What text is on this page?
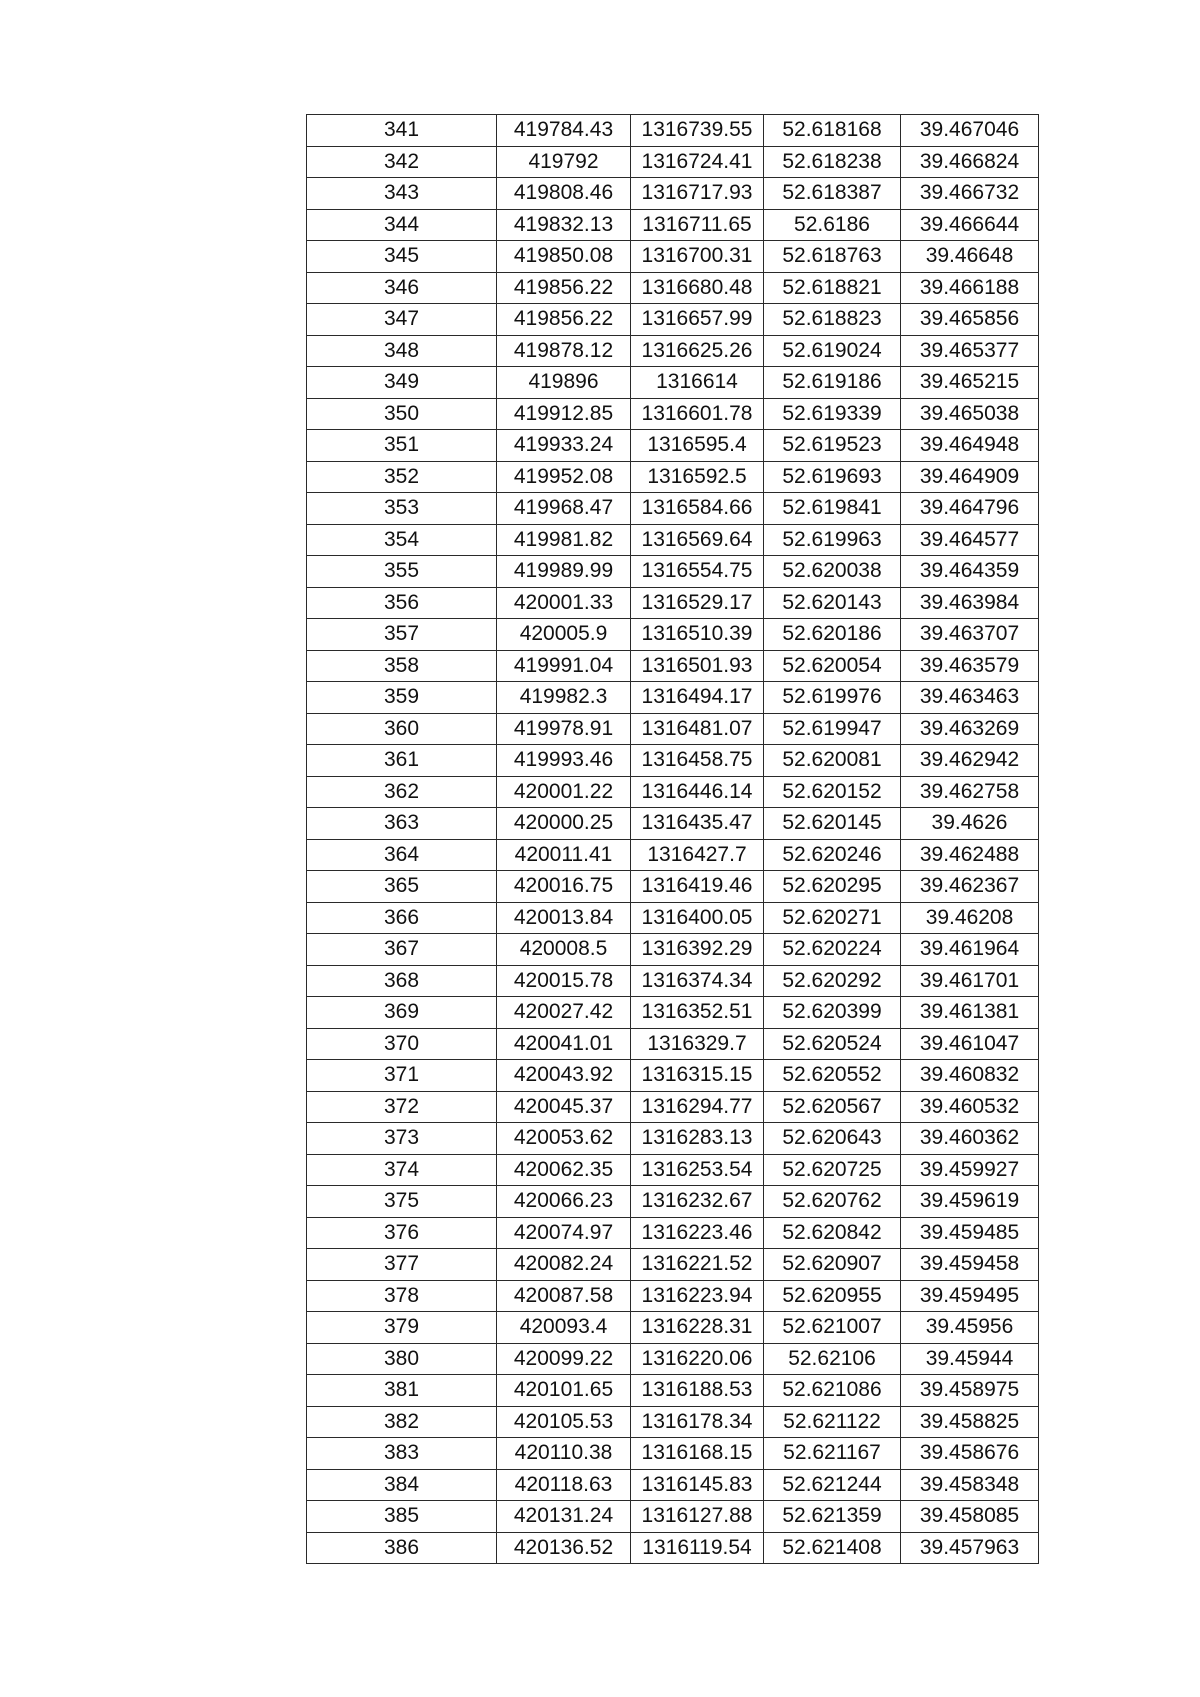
341	419784.43	1316739.55	52.618168	39.467046
342	419792	1316724.41	52.618238	39.466824
343	419808.46	1316717.93	52.618387	39.466732
344	419832.13	1316711.65	52.6186	39.466644
345	419850.08	1316700.31	52.618763	39.46648
346	419856.22	1316680.48	52.618821	39.466188
347	419856.22	1316657.99	52.618823	39.465856
348	419878.12	1316625.26	52.619024	39.465377
349	419896	1316614	52.619186	39.465215
350	419912.85	1316601.78	52.619339	39.465038
351	419933.24	1316595.4	52.619523	39.464948
352	419952.08	1316592.5	52.619693	39.464909
353	419968.47	1316584.66	52.619841	39.464796
354	419981.82	1316569.64	52.619963	39.464577
355	419989.99	1316554.75	52.620038	39.464359
356	420001.33	1316529.17	52.620143	39.463984
357	420005.9	1316510.39	52.620186	39.463707
358	419991.04	1316501.93	52.620054	39.463579
359	419982.3	1316494.17	52.619976	39.463463
360	419978.91	1316481.07	52.619947	39.463269
361	419993.46	1316458.75	52.620081	39.462942
362	420001.22	1316446.14	52.620152	39.462758
363	420000.25	1316435.47	52.620145	39.4626
364	420011.41	1316427.7	52.620246	39.462488
365	420016.75	1316419.46	52.620295	39.462367
366	420013.84	1316400.05	52.620271	39.46208
367	420008.5	1316392.29	52.620224	39.461964
368	420015.78	1316374.34	52.620292	39.461701
369	420027.42	1316352.51	52.620399	39.461381
370	420041.01	1316329.7	52.620524	39.461047
371	420043.92	1316315.15	52.620552	39.460832
372	420045.37	1316294.77	52.620567	39.460532
373	420053.62	1316283.13	52.620643	39.460362
374	420062.35	1316253.54	52.620725	39.459927
375	420066.23	1316232.67	52.620762	39.459619
376	420074.97	1316223.46	52.620842	39.459485
377	420082.24	1316221.52	52.620907	39.459458
378	420087.58	1316223.94	52.620955	39.459495
379	420093.4	1316228.31	52.621007	39.45956
380	420099.22	1316220.06	52.62106	39.45944
381	420101.65	1316188.53	52.621086	39.458975
382	420105.53	1316178.34	52.621122	39.458825
383	420110.38	1316168.15	52.621167	39.458676
384	420118.63	1316145.83	52.621244	39.458348
385	420131.24	1316127.88	52.621359	39.458085
386	420136.52	1316119.54	52.621408	39.457963
